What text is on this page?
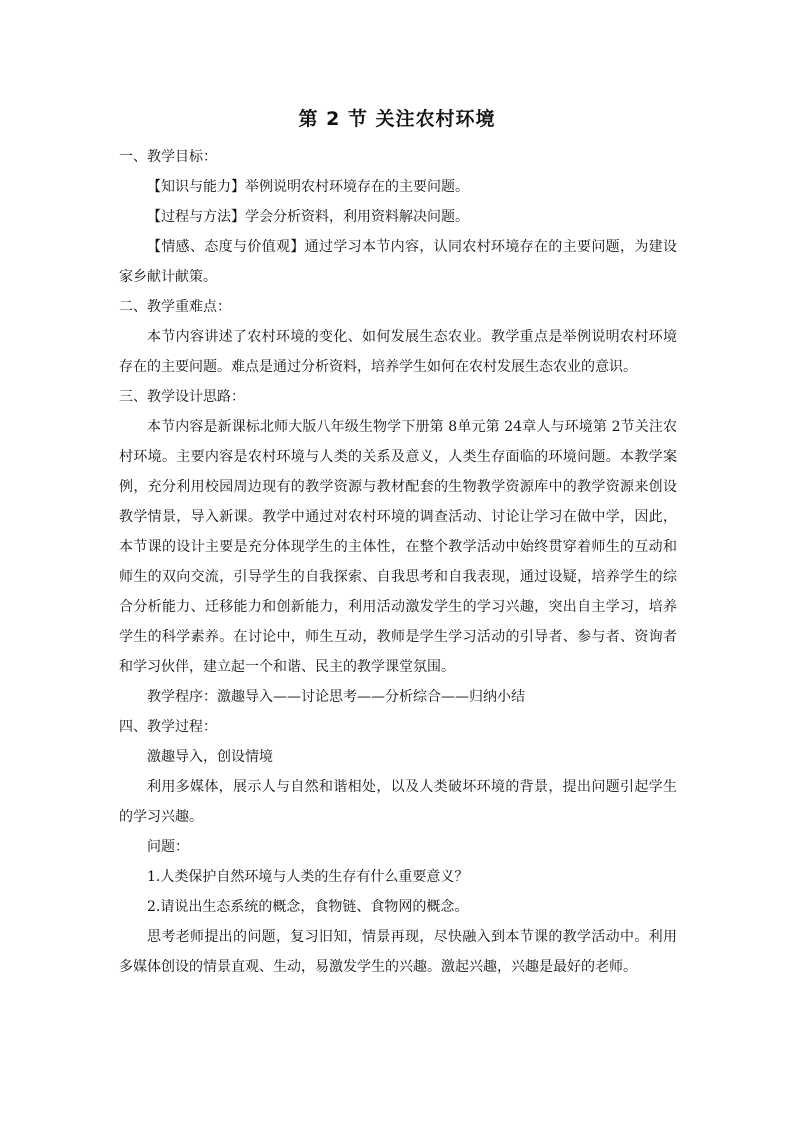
第 2 节 关注农村环境

一、教学目标：

【知识与能力】举例说明农村环境存在的主要问题。

【过程与方法】学会分析资料，利用资料解决问题。

【情感、态度与价值观】通过学习本节内容，认同农村环境存在的主要问题，为建设家乡献计献策。

二、教学重难点：

本节内容讲述了农村环境的变化、如何发展生态农业。教学重点是举例说明农村环境存在的主要问题。难点是通过分析资料，培养学生如何在农村发展生态农业的意识。

三、教学设计思路：

本节内容是新课标北师大版八年级生物学下册第 8单元第 24章人与环境第 2节关注农村环境。主要内容是农村环境与人类的关系及意义，人类生存面临的环境问题。本教学案例，充分利用校园周边现有的教学资源与教材配套的生物教学资源库中的教学资源来创设教学情景，导入新课。教学中通过对农村环境的调查活动、讨论让学习在做中学，因此，本节课的设计主要是充分体现学生的主体性，在整个教学活动中始终贯穿着师生的互动和师生的双向交流，引导学生的自我探索、自我思考和自我表现，通过设疑，培养学生的综合分析能力、迁移能力和创新能力，利用活动激发学生的学习兴趣，突出自主学习，培养学生的科学素养。在讨论中，师生互动，教师是学生学习活动的引导者、参与者、资询者和学习伙伴，建立起一个和谐、民主的教学课堂氛围。

教学程序：激趣导入——讨论思考——分析综合——归纳小结

四、教学过程：

激趣导入，创设情境

利用多媒体，展示人与自然和谐相处，以及人类破坏环境的背景，提出问题引起学生的学习兴趣。

问题：

1.人类保护自然环境与人类的生存有什么重要意义？

2.请说出生态系统的概念，食物链、食物网的概念。

思考老师提出的问题，复习旧知，情景再现，尽快融入到本节课的教学活动中。利用多媒体创设的情景直观、生动，易激发学生的兴趣。激起兴趣，兴趣是最好的老师。
